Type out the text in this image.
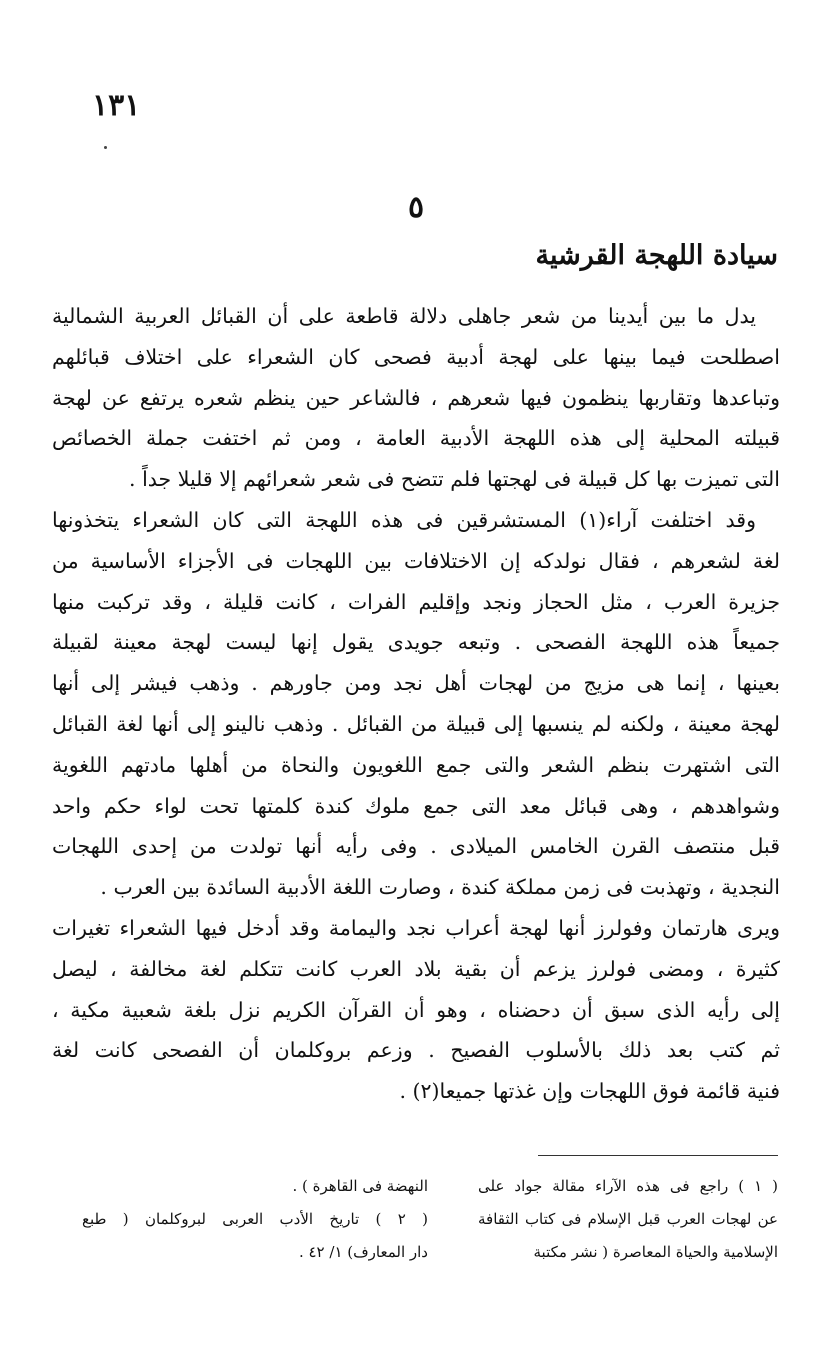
١٣١
٥
سيادة اللهجة القرشية
يدل ما بين أيدينا من شعر جاهلى دلالة قاطعة على أن القبائل العربية الشمالية
اصطلحت فيما بينها على لهجة أدبية فصحى كان الشعراء على اختلاف قبائلهم
وتباعدها وتقاربها ينظمون فيها شعرهم ، فالشاعر حين ينظم شعره يرتفع عن لهجة
قبيلته المحلية إلى هذه اللهجة الأدبية العامة ، ومن ثم اختفت جملة الخصائص
التى تميزت بها كل قبيلة فى لهجتها فلم تتضح فى شعر شعرائهم إلا قليلا جداً .
وقد اختلفت آراء(١) المستشرقين فى هذه اللهجة التى كان الشعراء يتخذونها
لغة لشعرهم ، فقال نولدكه إن الاختلافات بين اللهجات فى الأجزاء الأساسية من
جزيرة العرب ، مثل الحجاز ونجد وإقليم الفرات ، كانت قليلة ، وقد تركبت منها
جميعاً هذه اللهجة الفصحى . وتبعه جويدى يقول إنها ليست لهجة معينة لقبيلة
بعينها ، إنما هى مزيج من لهجات أهل نجد ومن جاورهم . وذهب فيشر إلى أنها
لهجة معينة ، ولكنه لم ينسبها إلى قبيلة من القبائل . وذهب نالينو إلى أنها لغة القبائل
التى اشتهرت بنظم الشعر والتى جمع اللغويون والنحاة من أهلها مادتهم اللغوية
وشواهدهم ، وهى قبائل معد التى جمع ملوك كندة كلمتها تحت لواء حكم واحد
قبل منتصف القرن الخامس الميلادى . وفى رأيه أنها تولدت من إحدى اللهجات
النجدية ، وتهذبت فى زمن مملكة كندة ، وصارت اللغة الأدبية السائدة بين العرب .
ويرى هارتمان وفولرز أنها لهجة أعراب نجد واليمامة وقد أدخل فيها الشعراء تغيرات
كثيرة ، ومضى فولرز يزعم أن بقية بلاد العرب كانت تتكلم لغة مخالفة ، ليصل
إلى رأيه الذى سبق أن دحضناه ، وهو أن القرآن الكريم نزل بلغة شعبية مكية ،
ثم كتب بعد ذلك بالأسلوب الفصيح . وزعم بروكلمان أن الفصحى كانت لغة
فنية قائمة فوق اللهجات وإن غذتها جميعا(٢) .
( ١ ) راجع فى هذه الآراء مقالة جواد على
عن لهجات العرب قبل الإسلام فى كتاب الثقافة
الإسلامية والحياة المعاصرة ( نشر مكتبة
النهضة فى القاهرة ) .
( ٢ ) تاريخ الأدب العربى لبروكلمان ( طبع
دار المعارف) ١/ ٤٢ .
